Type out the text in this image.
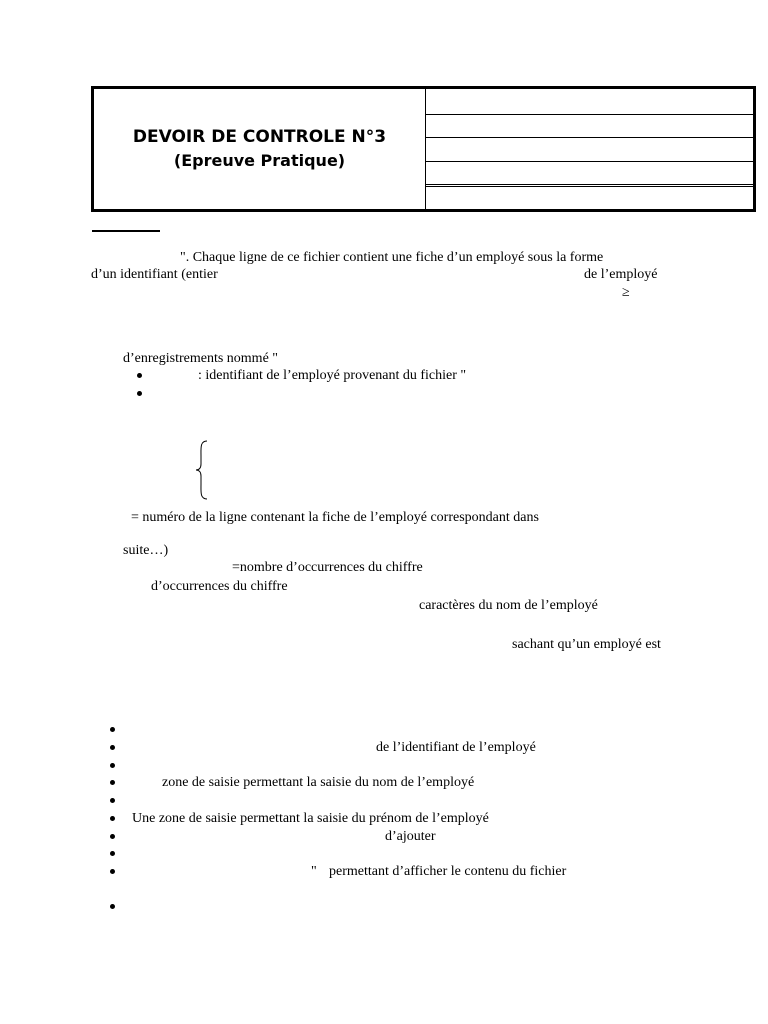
DEVOIR DE CONTROLE N°3
(Epreuve Pratique)
". Chaque ligne de ce fichier contient une fiche d’un employé sous la forme
d’un identifiant (entier	de l’employé
≥
d’enregistrements nommé "
: identifiant de l’employé provenant du fichier "
= numéro de la ligne contenant la fiche de l’employé correspondant dans
suite…)
=nombre d’occurrences du chiffre
d’occurrences du chiffre
caractères du nom de l’employé
sachant qu’un employé est
de l’identifiant de l’employé
zone de saisie permettant la saisie du nom de l’employé
Une zone de saisie permettant la saisie du prénom de l’employé
d’ajouter
" permettant d’afficher le contenu du fichier
